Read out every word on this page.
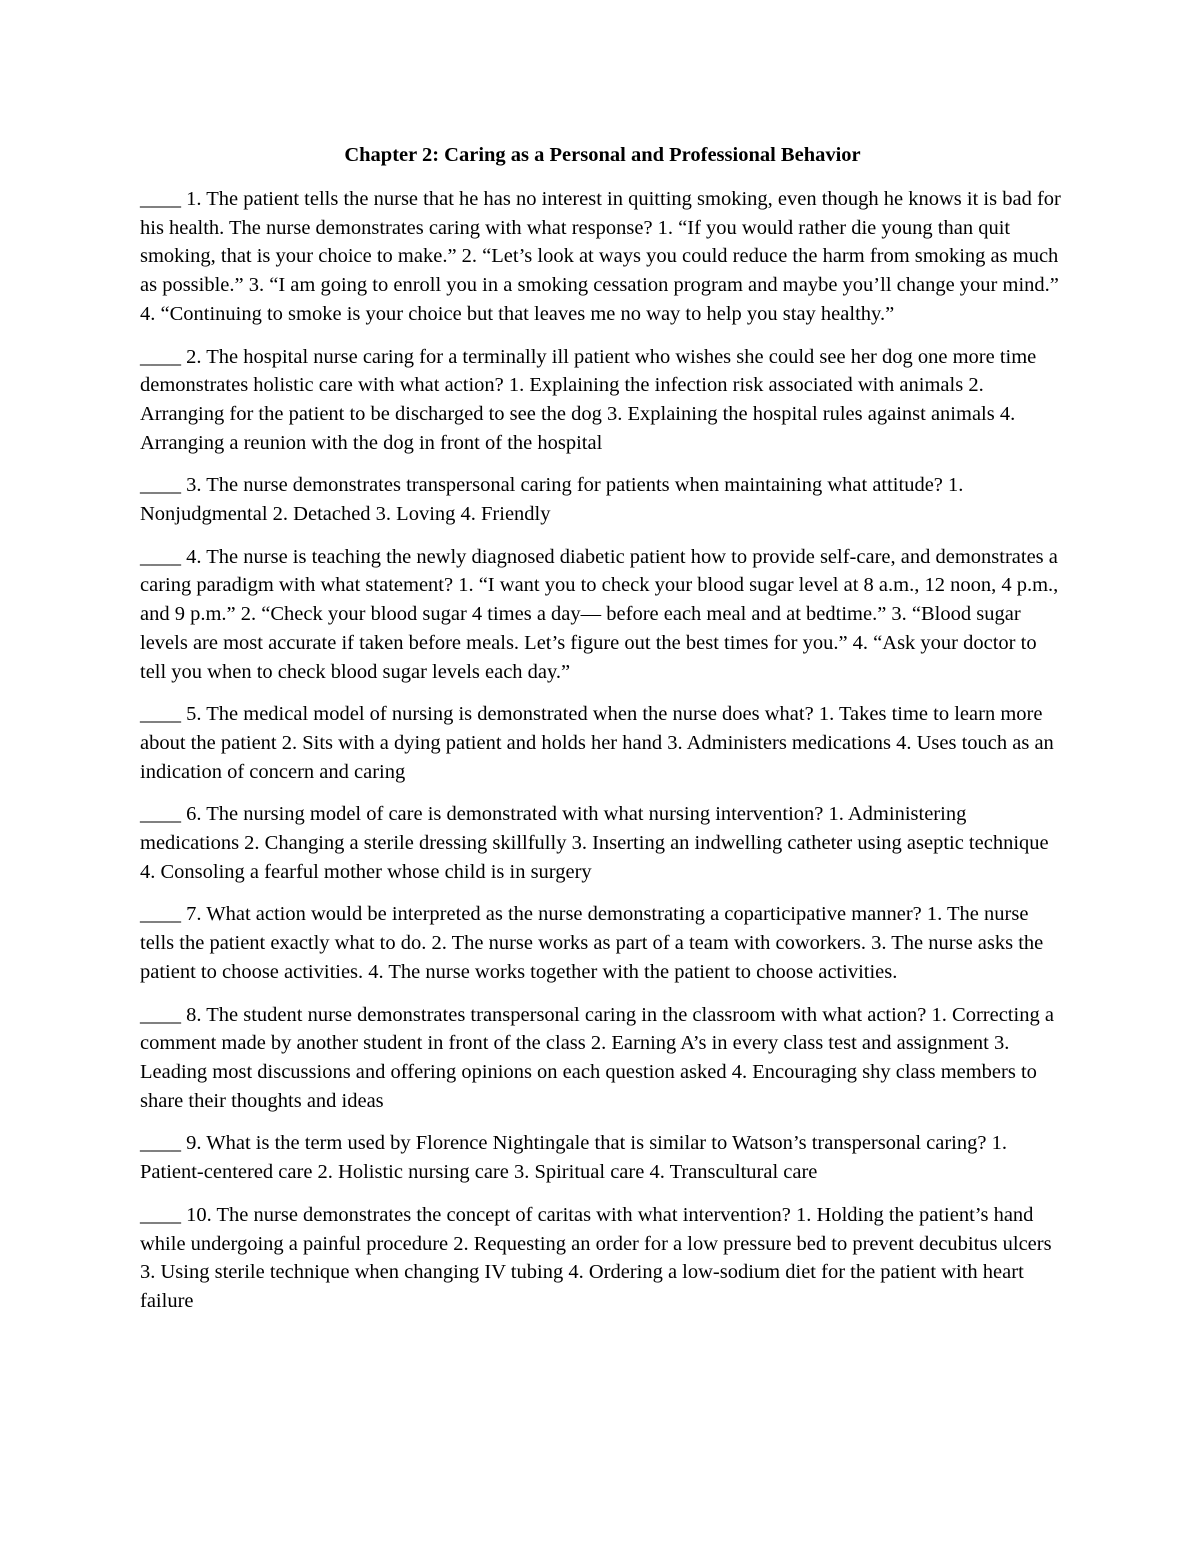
Chapter 2: Caring as a Personal and Professional Behavior

____ 1. The patient tells the nurse that he has no interest in quitting smoking, even though he knows it is bad for his health. The nurse demonstrates caring with what response? 1. “If you would rather die young than quit smoking, that is your choice to make.” 2. “Let’s look at ways you could reduce the harm from smoking as much as possible.” 3. “I am going to enroll you in a smoking cessation program and maybe you’ll change your mind.” 4. “Continuing to smoke is your choice but that leaves me no way to help you stay healthy.”

____ 2. The hospital nurse caring for a terminally ill patient who wishes she could see her dog one more time demonstrates holistic care with what action? 1. Explaining the infection risk associated with animals 2. Arranging for the patient to be discharged to see the dog 3. Explaining the hospital rules against animals 4. Arranging a reunion with the dog in front of the hospital

____ 3. The nurse demonstrates transpersonal caring for patients when maintaining what attitude? 1. Nonjudgmental 2. Detached 3. Loving 4. Friendly

____ 4. The nurse is teaching the newly diagnosed diabetic patient how to provide self-care, and demonstrates a caring paradigm with what statement? 1. “I want you to check your blood sugar level at 8 a.m., 12 noon, 4 p.m., and 9 p.m.” 2. “Check your blood sugar 4 times a day— before each meal and at bedtime.” 3. “Blood sugar levels are most accurate if taken before meals. Let’s figure out the best times for you.” 4. “Ask your doctor to tell you when to check blood sugar levels each day.”

____ 5. The medical model of nursing is demonstrated when the nurse does what? 1. Takes time to learn more about the patient 2. Sits with a dying patient and holds her hand 3. Administers medications 4. Uses touch as an indication of concern and caring

____ 6. The nursing model of care is demonstrated with what nursing intervention? 1. Administering medications 2. Changing a sterile dressing skillfully 3. Inserting an indwelling catheter using aseptic technique 4. Consoling a fearful mother whose child is in surgery

____ 7. What action would be interpreted as the nurse demonstrating a coparticipative manner? 1. The nurse tells the patient exactly what to do. 2. The nurse works as part of a team with coworkers. 3. The nurse asks the patient to choose activities. 4. The nurse works together with the patient to choose activities.

____ 8. The student nurse demonstrates transpersonal caring in the classroom with what action? 1. Correcting a comment made by another student in front of the class 2. Earning A’s in every class test and assignment 3. Leading most discussions and offering opinions on each question asked 4. Encouraging shy class members to share their thoughts and ideas

____ 9. What is the term used by Florence Nightingale that is similar to Watson’s transpersonal caring? 1. Patient-centered care 2. Holistic nursing care 3. Spiritual care 4. Transcultural care

____ 10. The nurse demonstrates the concept of caritas with what intervention? 1. Holding the patient’s hand while undergoing a painful procedure 2. Requesting an order for a low pressure bed to prevent decubitus ulcers 3. Using sterile technique when changing IV tubing 4. Ordering a low-sodium diet for the patient with heart failure
